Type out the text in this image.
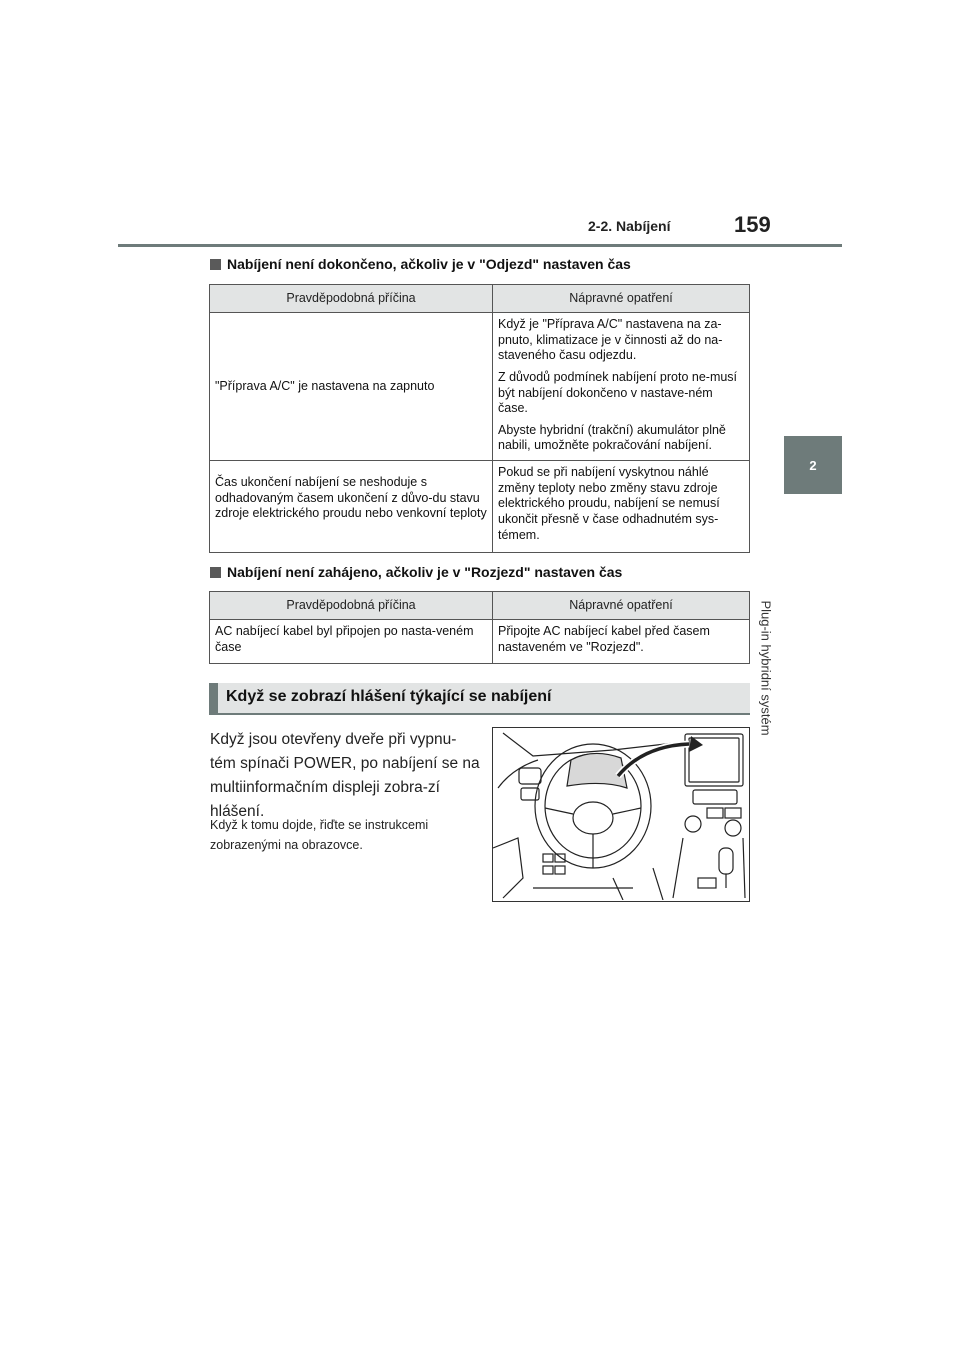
2-2. Nabíjení	159
2
Plug-in hybridní systém
Nabíjení není dokončeno, ačkoliv je v "Odjezd" nastaven čas
Pravděpodobná příčina	Nápravné opatření
"Příprava A/C" je nastavena na zapnuto	Když je "Příprava A/C" nastavena na za-pnuto, klimatizace je v činnosti až do na-staveného času odjezdu.

Z důvodů podmínek nabíjení proto ne-musí být nabíjení dokončeno v nastave-ném čase.

Abyste hybridní (trakční) akumulátor plně nabili, umožněte pokračování nabíjení.

Čas ukončení nabíjení se neshoduje s odhadovaným časem ukončení z důvo-du stavu zdroje elektrického proudu nebo venkovní teploty	Pokud se při nabíjení vyskytnou náhlé změny teploty nebo změny stavu zdroje elektrického proudu, nabíjení se nemusí ukončit přesně v čase odhadnutém sys-témem.

Nabíjení není zahájeno, ačkoliv je v "Rozjezd" nastaven čas
Pravděpodobná příčina	Nápravné opatření
AC nabíjecí kabel byl připojen po nasta-veném čase	Připojte AC nabíjecí kabel před časem nastaveném ve "Rozjezd".

Když se zobrazí hlášení týkající se nabíjení
Když jsou otevřeny dveře při vypnu-tém spínači POWER, po nabíjení se na multiinformačním displeji zobra-zí hlášení.
Když k tomu dojde, řiďte se instrukcemi zobrazenými na obrazovce.
